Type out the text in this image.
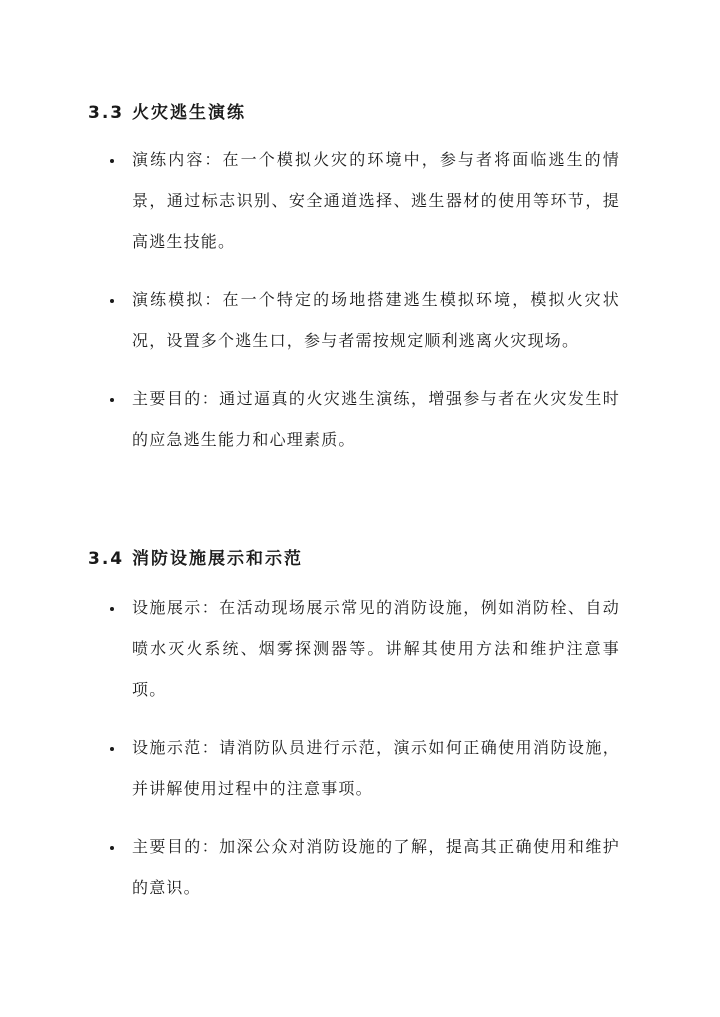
3.3 火灾逃生演练
演练内容：在一个模拟火灾的环境中，参与者将面临逃生的情景，通过标志识别、安全通道选择、逃生器材的使用等环节，提高逃生技能。
演练模拟：在一个特定的场地搭建逃生模拟环境，模拟火灾状况，设置多个逃生口，参与者需按规定顺利逃离火灾现场。
主要目的：通过逼真的火灾逃生演练，增强参与者在火灾发生时的应急逃生能力和心理素质。
3.4 消防设施展示和示范
设施展示：在活动现场展示常见的消防设施，例如消防栓、自动喷水灭火系统、烟雾探测器等。讲解其使用方法和维护注意事项。
设施示范：请消防队员进行示范，演示如何正确使用消防设施，并讲解使用过程中的注意事项。
主要目的：加深公众对消防设施的了解，提高其正确使用和维护的意识。
